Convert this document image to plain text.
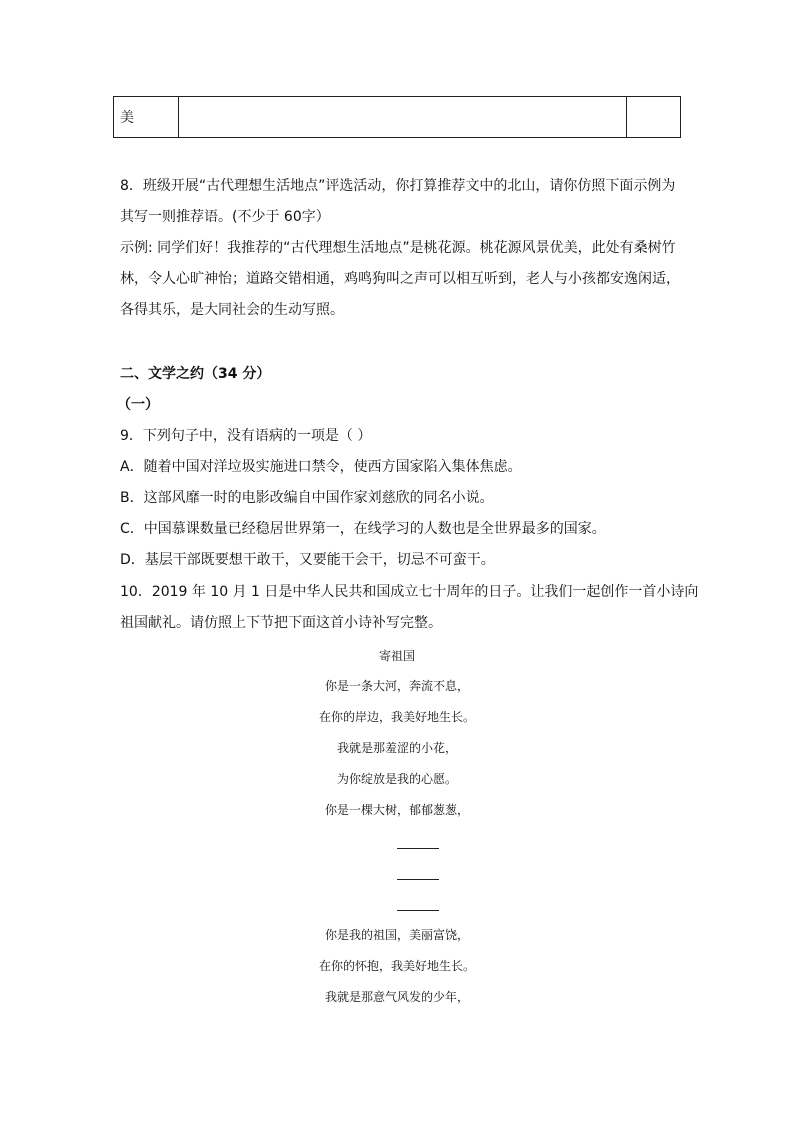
美		
8．班级开展“古代理想生活地点”评选活动，你打算推荐文中的北山，请你仿照下面示例为
其写一则推荐语。(不少于 60字）
示例: 同学们好！我推荐的“古代理想生活地点”是桃花源。桃花源风景优美，此处有桑树竹
林，令人心旷神怡；道路交错相通，鸡鸣狗叫之声可以相互听到，老人与小孩都安逸闲适，
各得其乐，是大同社会的生动写照。
二、文学之约（34 分）
（一）
9．下列句子中，没有语病的一项是（ ）
A．随着中国对洋垃圾实施进口禁令，使西方国家陷入集体焦虑。
B．这部风靡一时的电影改编自中国作家刘慈欣的同名小说。
C．中国慕课数量已经稳居世界第一，在线学习的人数也是全世界最多的国家。
D．基层干部既要想干敢干，又要能干会干，切忌不可蛮干。
10．2019 年 10 月 1 日是中华人民共和国成立七十周年的日子。让我们一起创作一首小诗向
祖国献礼。请仿照上下节把下面这首小诗补写完整。
寄祖国
你是一条大河，奔流不息，
在你的岸边，我美好地生长。
我就是那羞涩的小花，
为你绽放是我的心愿。
你是一棵大树，郁郁葱葱，
你是我的祖国，美丽富饶，
在你的怀抱，我美好地生长。
我就是那意气风发的少年，
